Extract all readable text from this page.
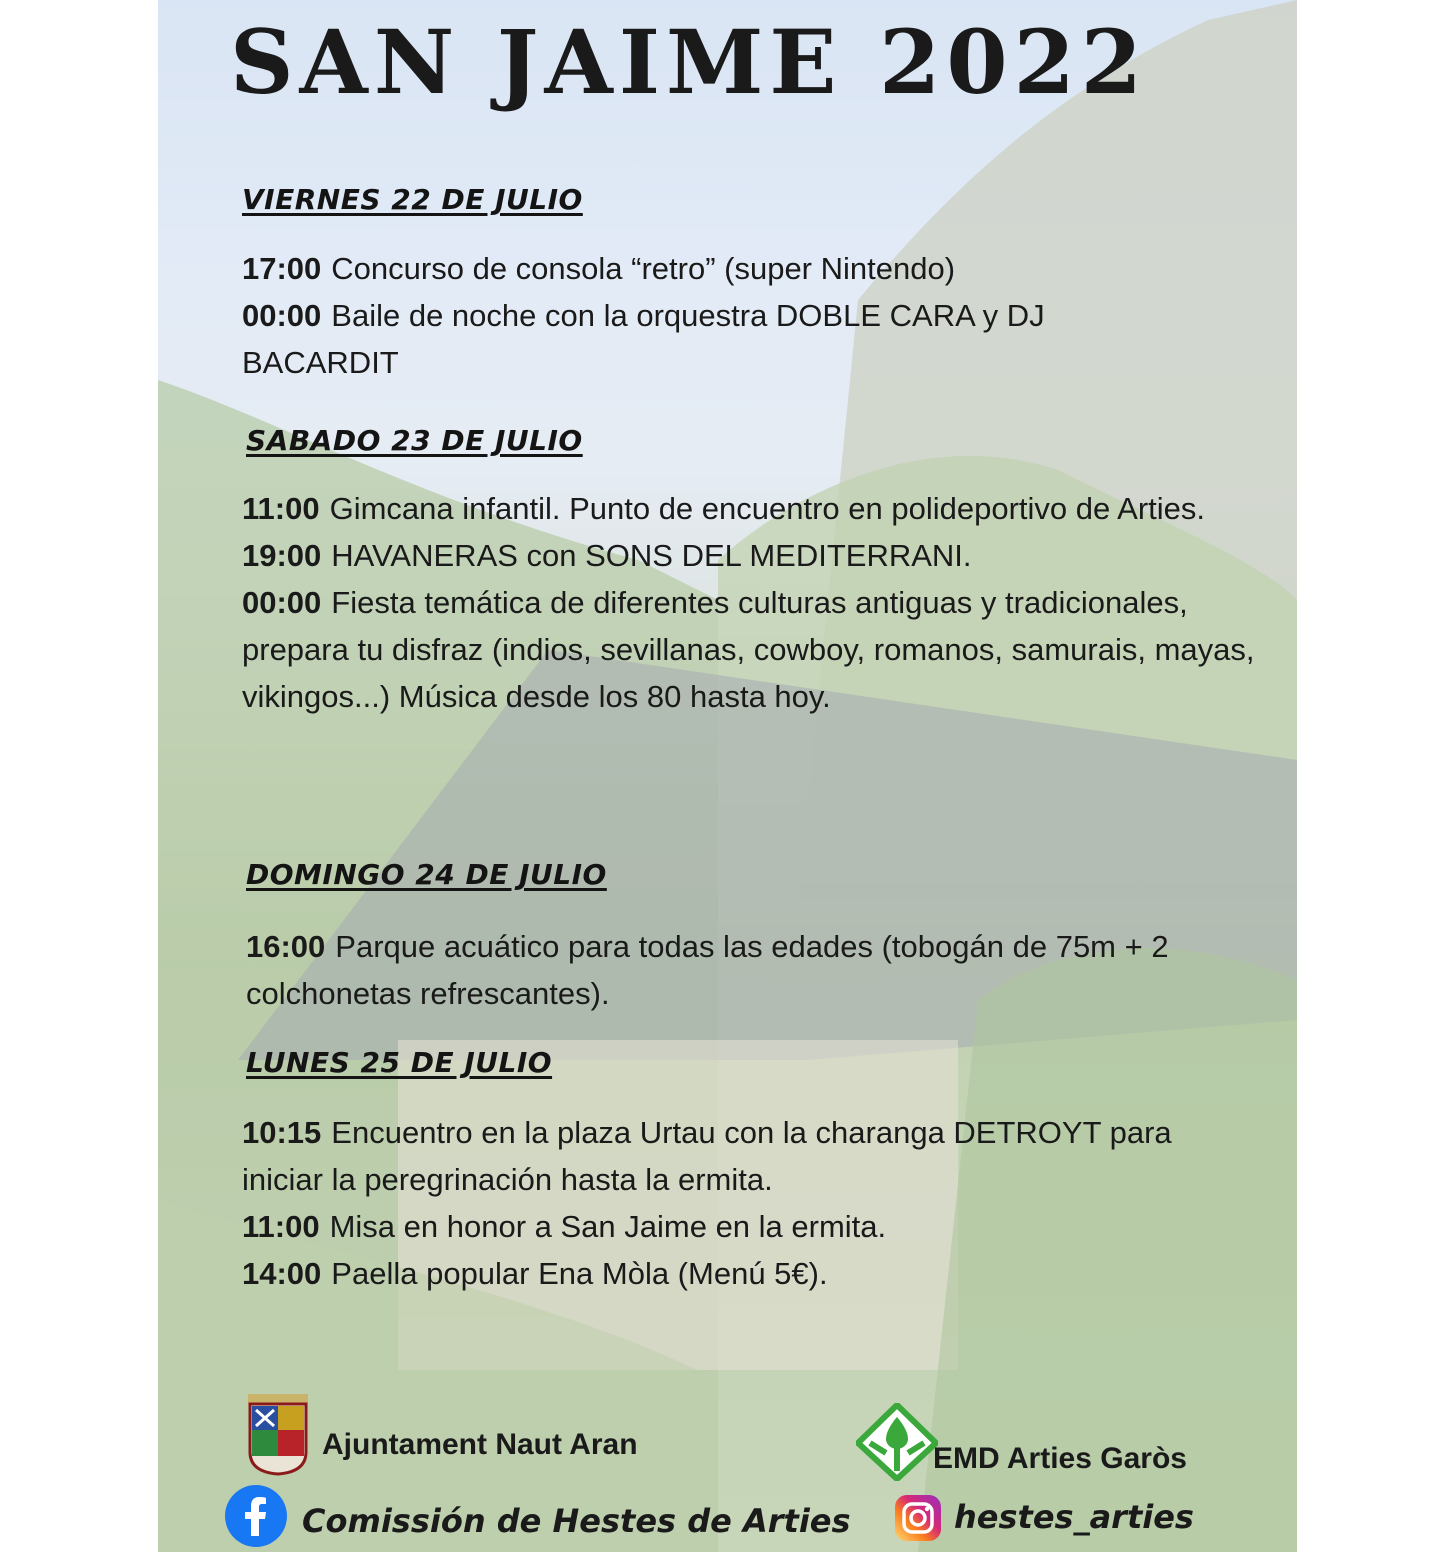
SAN JAIME 2022
VIERNES 22 DE JULIO
17:00 Concurso de consola “retro” (super Nintendo)
00:00 Baile de noche con la orquestra DOBLE CARA y DJ BACARDIT
SABADO 23 DE JULIO
11:00 Gimcana infantil. Punto de encuentro en polideportivo de Arties.
19:00 HAVANERAS con SONS DEL MEDITERRANI.
00:00 Fiesta temática de diferentes culturas antiguas y tradicionales, prepara tu disfraz (indios, sevillanas, cowboy, romanos, samurais, mayas, vikingos...) Música desde los 80 hasta hoy.
DOMINGO 24 DE JULIO
16:00 Parque acuático para todas las edades (tobogán de 75m + 2 colchonetas refrescantes).
LUNES 25 DE JULIO
10:15 Encuentro en la plaza Urtau con la charanga DETROYT para iniciar la peregrinación hasta la ermita.
11:00 Misa en honor a San Jaime en la ermita.
14:00 Paella popular Ena Mòla (Menú 5€).
Ajuntament Naut Aran	EMD Arties Garòs
Comissión de Hestes de Arties	hestes_arties
